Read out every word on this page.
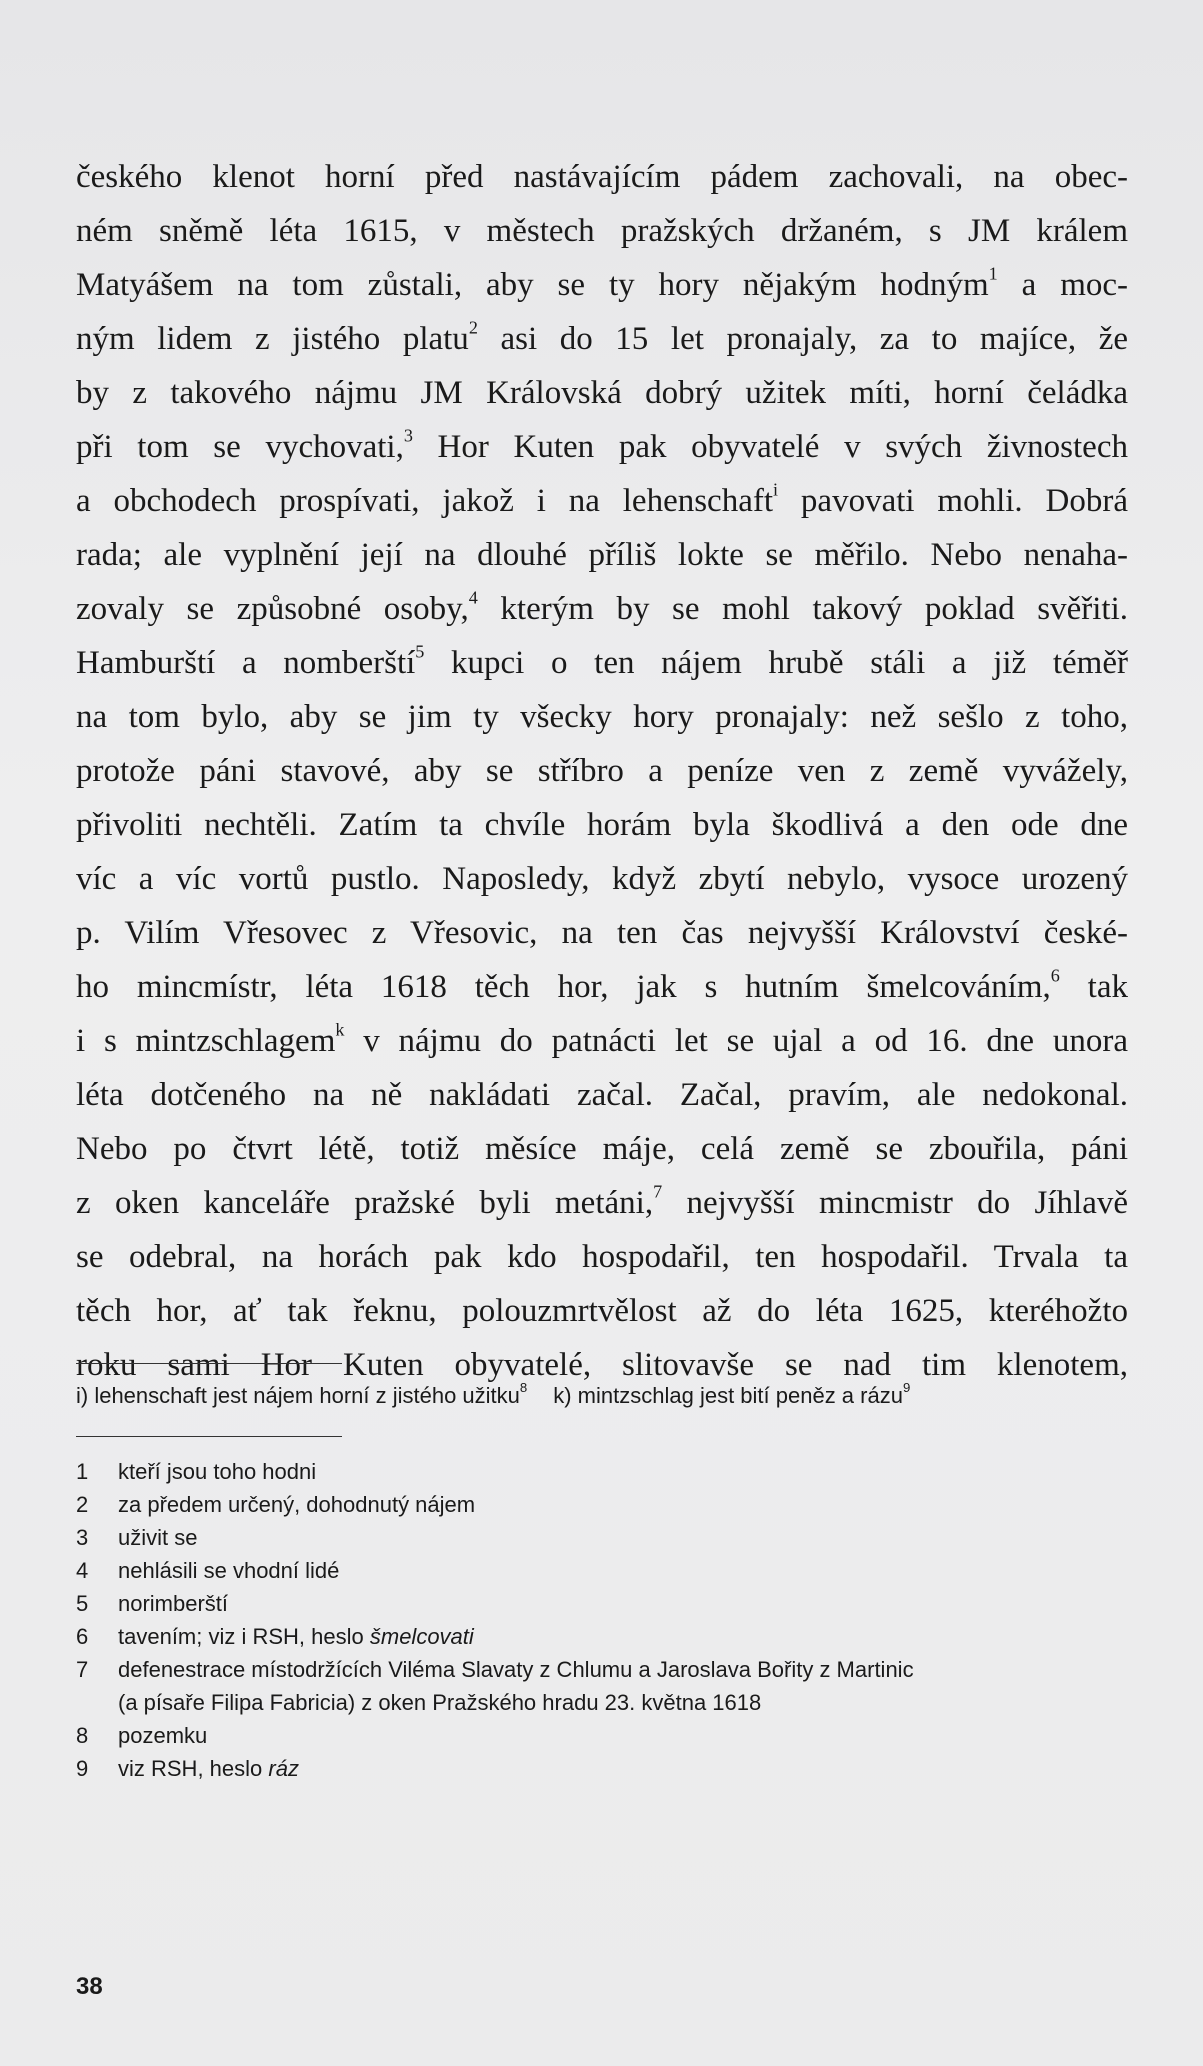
českého klenot horní před nastávajícím pádem zachovali, na obec-
ném sněmě léta 1615, v městech pražských držaném, s JM králem
Matyášem na tom zůstali, aby se ty hory nějakým hodným$^1$ a moc-
ným lidem z jistého platu$^2$ asi do 15 let pronajaly, za to majíce, že
by z takového nájmu JM Královská dobrý užitek míti, horní čeládka
při tom se vychovati,$^3$ Hor Kuten pak obyvatelé v svých živnostech
a obchodech prospívati, jakož i na lehenschaft$^i$ pavovati mohli. Dobrá
rada; ale vyplnění její na dlouhé příliš lokte se měřilo. Nebo nenaha-
zovaly se způsobné osoby,$^4$ kterým by se mohl takový poklad svěřiti.
Hamburští a nomberští$^5$ kupci o ten nájem hrubě stáli a již téměř
na tom bylo, aby se jim ty všecky hory pronajaly: než sešlo z toho,
protože páni stavové, aby se stříbro a peníze ven z země vyvážely,
přivoliti nechtěli. Zatím ta chvíle horám byla škodlivá a den ode dne
víc a víc vortů pustlo. Naposledy, když zbytí nebylo, vysoce urozený
p. Vilím Vřesovec z Vřesovic, na ten čas nejvyšší Království české-
ho mincmístr, léta 1618 těch hor, jak s hutním šmelcováním,$^6$ tak
i s mintzschlagem$^k$ v nájmu do patnácti let se ujal a od 16. dne unora
léta dotčeného na ně nakládati začal. Začal, pravím, ale nedokonal.
Nebo po čtvrt létě, totiž měsíce máje, celá země se zbouřila, páni
z oken kanceláře pražské byli metáni,$^7$ nejvyšší mincmistr do Jíhlavě
se odebral, na horách pak kdo hospodařil, ten hospodařil. Trvala ta
těch hor, ať tak řeknu, polouzmrtvělost až do léta 1625, kteréhožto
roku sami Hor Kuten obyvatelé, slitovavše se nad tim klenotem,
i) lehenschaft jest nájem horní z jistého užitku$^8$ k) mintzschlag jest bití peněz a rázu$^9$
1	kteří jsou toho hodni
2	za předem určený, dohodnutý nájem
3	uživit se
4	nehlásili se vhodní lidé
5	norimberští
6	tavením; viz i RSH, heslo šmelcovati
7	defenestrace místodržících Viléma Slavaty z Chlumu a Jaroslava Bořity z Martinic
(a písaře Filipa Fabricia) z oken Pražského hradu 23. května 1618
8	pozemku
9	viz RSH, heslo ráz
38
